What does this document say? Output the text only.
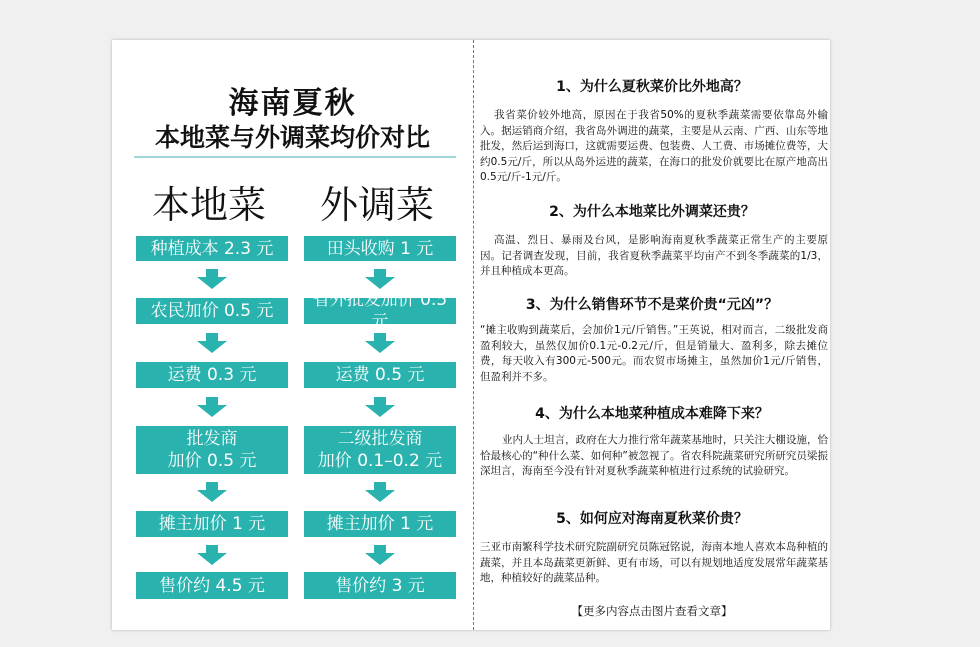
海南夏秋
本地菜与外调菜均价对比
本地菜	外调菜
种植成本 2.3 元
农民加价 0.5 元
运费 0.3 元
批发商
加价 0.5 元
摊主加价 1 元
售价约 4.5 元
田头收购 1 元
省外批发加价 0.5 元
运费 0.5 元
二级批发商
加价 0.1–0.2 元
摊主加价 1 元
售价约 3 元
1、为什么夏秋菜价比外地高？
我省菜价较外地高，原因在于我省50%的夏秋季蔬菜需要依靠岛外输入。据运销商介绍，我省岛外调进的蔬菜，主要是从云南、广西、山东等地批发，然后运到海口，这就需要运费、包装费、人工费、市场摊位费等，大约0.5元/斤，所以从岛外运进的蔬菜，在海口的批发价就要比在原产地高出0.5元/斤-1元/斤。
2、为什么本地菜比外调菜还贵？
高温、烈日、暴雨及台风，是影响海南夏秋季蔬菜正常生产的主要原因。记者调查发现，目前，我省夏秋季蔬菜平均亩产不到冬季蔬菜的1/3，并且种植成本更高。
3、为什么销售环节不是菜价贵“元凶”？
“摊主收购到蔬菜后，会加价1元/斤销售。”王英说，相对而言，二级批发商盈利较大，虽然仅加价0.1元-0.2元/斤，但是销量大、盈利多，除去摊位费，每天收入有300元-500元。而农贸市场摊主，虽然加价1元/斤销售，但盈利并不多。
4、为什么本地菜种植成本难降下来？
业内人士坦言，政府在大力推行常年蔬菜基地时，只关注大棚设施，恰恰最核心的“种什么菜、如何种”被忽视了。省农科院蔬菜研究所研究员梁振深坦言，海南至今没有针对夏秋季蔬菜种植进行过系统的试验研究。
5、如何应对海南夏秋菜价贵？
三亚市南繁科学技术研究院副研究员陈冠铭说，海南本地人喜欢本岛种植的蔬菜，并且本岛蔬菜更新鲜、更有市场，可以有规划地适度发展常年蔬菜基地，种植较好的蔬菜品种。
【更多内容点击图片查看文章】
